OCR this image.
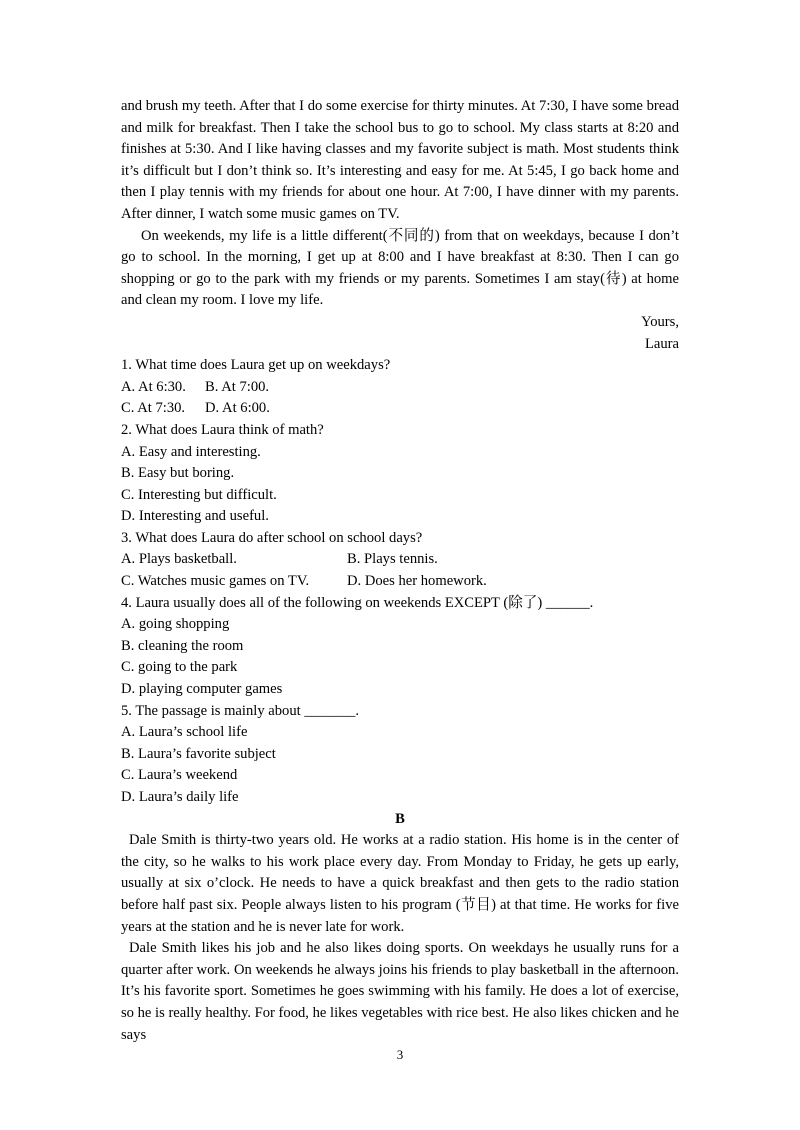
and brush my teeth. After that I do some exercise for thirty minutes. At 7:30, I have some bread and milk for breakfast. Then I take the school bus to go to school. My class starts at 8:20 and finishes at 5:30. And I like having classes and my favorite subject is math. Most students think it’s difficult but I don’t think so. It’s interesting and easy for me. At 5:45, I go back home and then I play tennis with my friends for about one hour. At 7:00, I have dinner with my parents. After dinner, I watch some music games on TV.

On weekends, my life is a little different(不同的) from that on weekdays, because I don’t go to school. In the morning, I get up at 8:00 and I have breakfast at 8:30. Then I can go shopping or go to the park with my friends or my parents. Sometimes I am stay(待) at home and clean my room. I love my life.

Yours,
Laura
1. What time does Laura get up on weekdays?
A. At 6:30.	B. At 7:00.
C. At 7:30.	D. At 6:00.
2. What does Laura think of math?
A. Easy and interesting.
B. Easy but boring.
C. Interesting but difficult.
D. Interesting and useful.
3. What does Laura do after school on school days?
A. Plays basketball.	B. Plays tennis.
C. Watches music games on TV.	D. Does her homework.
4. Laura usually does all of the following on weekends EXCEPT (除了) ______.
A. going shopping
B. cleaning the room
C. going to the park
D. playing computer games
5. The passage is mainly about _______.
A. Laura’s school life
B. Laura’s favorite subject
C. Laura’s weekend
D. Laura’s daily life
B

Dale Smith is thirty-two years old. He works at a radio station. His home is in the center of the city, so he walks to his work place every day. From Monday to Friday, he gets up early, usually at six o’clock. He needs to have a quick breakfast and then gets to the radio station before half past six. People always listen to his program (节目) at that time. He works for five years at the station and he is never late for work.

Dale Smith likes his job and he also likes doing sports. On weekdays he usually runs for a quarter after work. On weekends he always joins his friends to play basketball in the afternoon. It’s his favorite sport. Sometimes he goes swimming with his family. He does a lot of exercise, so he is really healthy. For food, he likes vegetables with rice best. He also likes chicken and he says

3
